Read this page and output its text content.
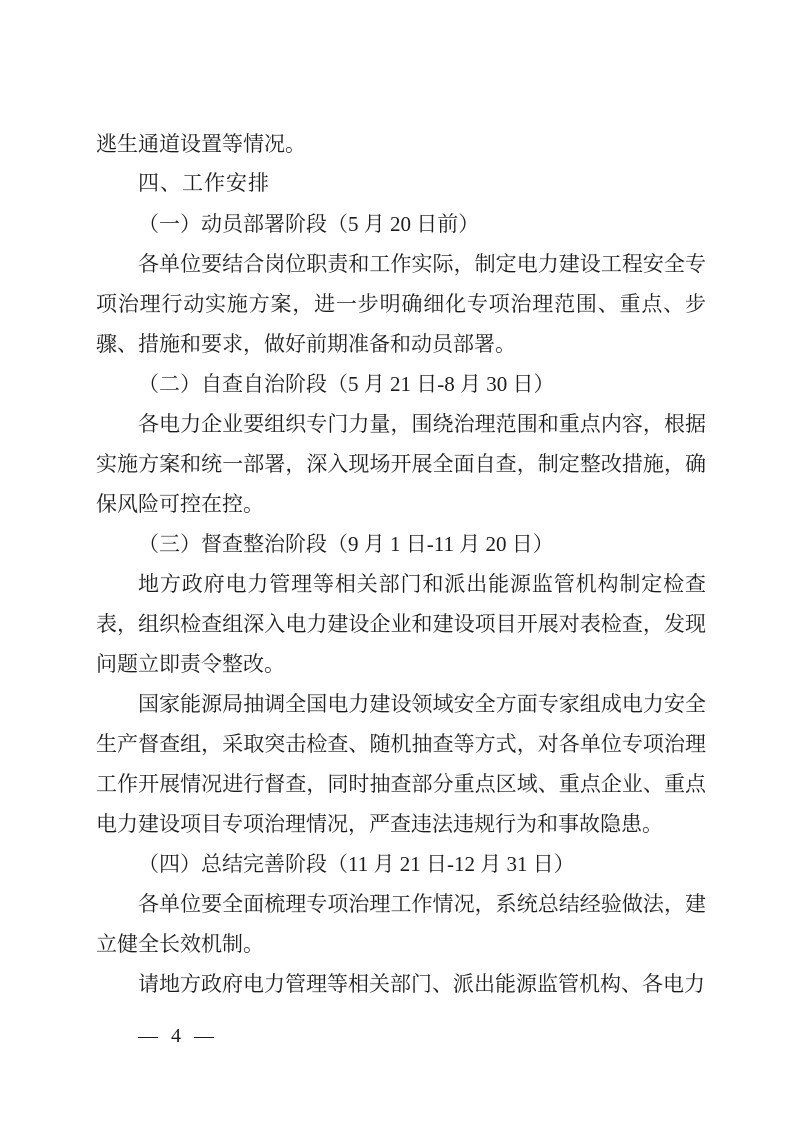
逃生通道设置等情况。

四、工作安排
（一）动员部署阶段（5 月 20 日前）

各单位要结合岗位职责和工作实际，制定电力建设工程安全专项治理行动实施方案，进一步明确细化专项治理范围、重点、步骤、措施和要求，做好前期准备和动员部署。

（二）自查自治阶段（5 月 21 日-8 月 30 日）

各电力企业要组织专门力量，围绕治理范围和重点内容，根据实施方案和统一部署，深入现场开展全面自查，制定整改措施，确保风险可控在控。

（三）督查整治阶段（9 月 1 日-11 月 20 日）

地方政府电力管理等相关部门和派出能源监管机构制定检查表，组织检查组深入电力建设企业和建设项目开展对表检查，发现问题立即责令整改。

国家能源局抽调全国电力建设领域安全方面专家组成电力安全生产督查组，采取突击检查、随机抽查等方式，对各单位专项治理工作开展情况进行督查，同时抽查部分重点区域、重点企业、重点电力建设项目专项治理情况，严查违法违规行为和事故隐患。

（四）总结完善阶段（11 月 21 日-12 月 31 日）

各单位要全面梳理专项治理工作情况，系统总结经验做法，建立健全长效机制。

请地方政府电力管理等相关部门、派出能源监管机构、各电力

— 4 —
